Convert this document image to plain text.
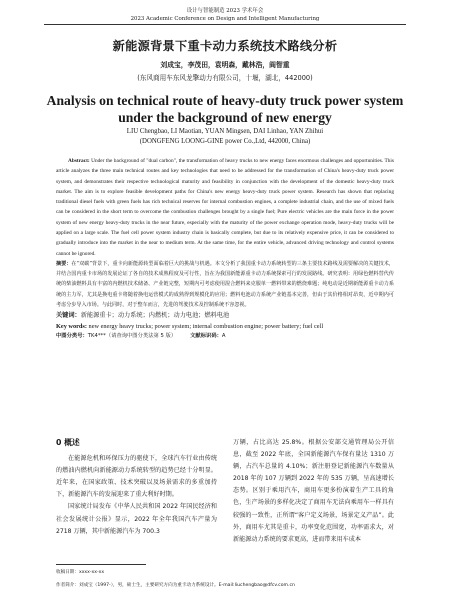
设计与智能制造 2023 学术年会
2023 Academic Conference on Design and Intelligent Manufacturing
新能源背景下重卡动力系统技术路线分析
刘成宝，李茂田，袁明森，戴林浩，阎智重
(东风商用车东风龙擎动力有限公司，十堰，湖北，442000)
Analysis on technical route of heavy-duty truck power system under the background of new energy
LIU Chengbao, LI Maotian, YUAN Mingsen, DAI Linhao, YAN Zhihui
(DONGFENG LOONG-GINE power Co.,Ltd, 442000, China)
Abstract: Under the background of "dual carbon", the transformation of heavy trucks to new energy faces enormous challenges and opportunities. This article analyzes the three main technical routes and key technologies that need to be addressed for the transformation of China's heavy-duty truck power system, and demonstrates their respective technological maturity and feasibility in conjunction with the development of the domestic heavy-duty truck market. The aim is to explore feasible development paths for China's new energy heavy-duty truck power system. Research has shown that replacing traditional diesel fuels with green fuels has rich technical reserves for internal combustion engines, a complete industrial chain, and the use of mixed fuels can be considered in the short term to overcome the combustion challenges brought by a single fuel; Pure electric vehicles are the main force in the power system of new energy heavy-duty trucks in the near future, especially with the maturity of the power exchange operation mode, heavy-duty trucks will be applied on a large scale. The fuel cell power system industry chain is basically complete, but due to its relatively expensive price, it can be considered to gradually introduce into the market in the near to medium term. At the same time, for the entire vehicle, advanced driving technology and control systems cannot be ignored.
摘要：在“双碳”背景下，重卡向新能源转型面临着巨大的挑战与机遇。本文分析了我国重卡动力系统转型的三条主要技术路线及需要解决的关键技术，并结合国内重卡市场的发展论证了各自的技术成熟程度及可行性，旨在为我国新能源重卡动力系统探索可行的发展路线。研究表明：用绿色燃料替代传统的柴油燃料具有丰富的内燃机技术储备、产业链完整，短期内可考虑使用混合燃料来克服单一燃料带来的燃烧难题；纯电动是近期新能源重卡动力系统的主力军，尤其是换电重卡将随着换电运营模式的成熟得到规模化的应用；燃料电池动力系统产业链基本完善，但由于其价格相对昂贵，近中期内可考虑分步导入市场。与此同时，对于整车而言，先进的驾驶技术及控制系统不容忽视。
关键词：新能源重卡；动力系统；内燃机；动力电池；燃料电池
Key words: new energy heavy trucks; power system; internal combustion engine; power battery; fuel cell
中图分类号：TK4***（请查询中图分类法第 5 版）	文献标识码：A
0 概述

在能源危机和环保压力的驱使下，全球汽车行业由传统的燃油内燃机向新能源动力系统转型的趋势已经十分明显。近年来，在国家政策、技术突破以及场景需求的多重加持下，新能源汽车的发展迎来了重大利好时期。

国家统计局发布《中华人民共和国 2022 年国民经济和社会发展统计公报》显示，2022 年全年我国汽车产量为 2718 万辆，其中新能源汽车为 700.3

万辆，占比高达 25.8%。根据公安部交通管理局公开信息，截至 2022 年底，全国新能源汽车保有量达 1310 万辆，占汽车总量的 4.10%；新注册登记新能源汽车数量从 2018 年的 107 万辆到 2022 年的 535 万辆，呈高速增长态势。区别于乘用汽车，商用车更多扮演着生产工具的角色，生产场景的多样化决定了商用车无法向乘用车一样具有较强的一致性，正所谓“客户定义场景，场景定义产品”。此外，商用车尤其是重卡，功率变化范围宽，功率需求大，对新能源动力系统的要求更高，进而带来用车成本

收稿日期：xxxx-xx-xx
作者简介：刘成宝（1997-），男，硕士生，主要研究方向为重卡动力系统设计。E-mail:liuchengbao@dfcv.com.cn
